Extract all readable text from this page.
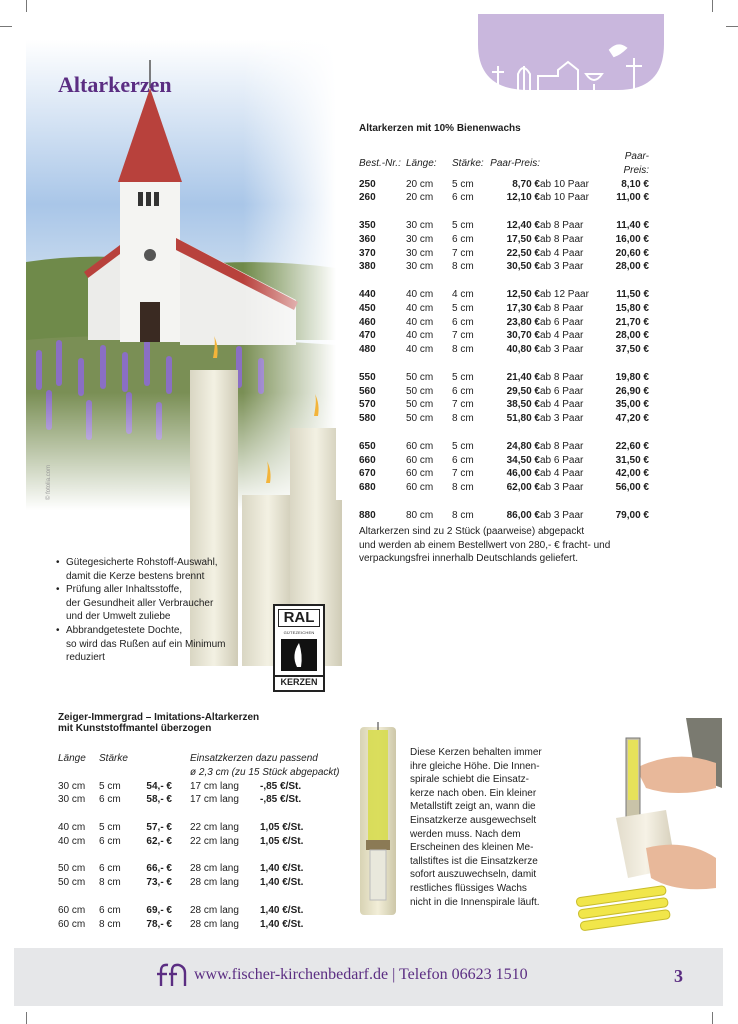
Altarkerzen
© fotolia.com
Altarkerzen mit 10% Bienenwachs
Best.-Nr.:	Länge:	Stärke:	Paar-Preis:		Paar-Preis:
250	20 cm	5 cm	8,70 €	ab 10 Paar	8,10 €
260	20 cm	6 cm	12,10 €	ab 10 Paar	11,00 €

350	30 cm	5 cm	12,40 €	ab 8 Paar	11,40 €
360	30 cm	6 cm	17,50 €	ab 8 Paar	16,00 €
370	30 cm	7 cm	22,50 €	ab 4 Paar	20,60 €
380	30 cm	8 cm	30,50 €	ab 3 Paar	28,00 €

440	40 cm	4 cm	12,50 €	ab 12 Paar	11,50 €
450	40 cm	5 cm	17,30 €	ab 8 Paar	15,80 €
460	40 cm	6 cm	23,80 €	ab 6 Paar	21,70 €
470	40 cm	7 cm	30,70 €	ab 4 Paar	28,00 €
480	40 cm	8 cm	40,80 €	ab 3 Paar	37,50 €

550	50 cm	5 cm	21,40 €	ab 8 Paar	19,80 €
560	50 cm	6 cm	29,50 €	ab 6 Paar	26,90 €
570	50 cm	7 cm	38,50 €	ab 4 Paar	35,00 €
580	50 cm	8 cm	51,80 €	ab 3 Paar	47,20 €

650	60 cm	5 cm	24,80 €	ab 8 Paar	22,60 €
660	60 cm	6 cm	34,50 €	ab 6 Paar	31,50 €
670	60 cm	7 cm	46,00 €	ab 4 Paar	42,00 €
680	60 cm	8 cm	62,00 €	ab 3 Paar	56,00 €

880	80 cm	8 cm	86,00 €	ab 3 Paar	79,00 €
Altarkerzen sind zu 2 Stück (paarweise) abgepackt
und werden ab einem Bestellwert von 280,- € fracht- und
verpackungsfrei innerhalb Deutschlands geliefert.
• Gütegesicherte Rohstoff-Auswahl,
damit die Kerze bestens brennt
• Prüfung aller Inhaltsstoffe,
der Gesundheit aller Verbraucher
und der Umwelt zuliebe
• Abbrandgetestete Dochte,
so wird das Rußen auf ein Minimum
reduziert
RAL
GÜTEZEICHEN
KERZEN
Zeiger-Immergrad – Imitations-Altarkerzen
mit Kunststoffmantel überzogen
Länge	Stärke		Einsatzkerzen dazu passend	
			ø 2,3 cm (zu 15 Stück abgepackt)	
30 cm	5 cm	54,- €	17 cm lang	-,85 €/St.
30 cm	6 cm	58,- €	17 cm lang	-,85 €/St.

40 cm	5 cm	57,- €	22 cm lang	1,05 €/St.
40 cm	6 cm	62,- €	22 cm lang	1,05 €/St.

50 cm	6 cm	66,- €	28 cm lang	1,40 €/St.
50 cm	8 cm	73,- €	28 cm lang	1,40 €/St.

60 cm	6 cm	69,- €	28 cm lang	1,40 €/St.
60 cm	8 cm	78,- €	28 cm lang	1,40 €/St.
Diese Kerzen behalten immer
ihre gleiche Höhe. Die Innen-
spirale schiebt die Einsatz-
kerze nach oben. Ein kleiner
Metallstift zeigt an, wann die
Einsatzkerze ausgewechselt
werden muss. Nach dem
Erscheinen des kleinen Me-
tallstiftes ist die Einsatzkerze
sofort auszuwechseln, damit
restliches flüssiges Wachs
nicht in die Innenspirale läuft.
www.fischer-kirchenbedarf.de | Telefon 06623 1510	3
